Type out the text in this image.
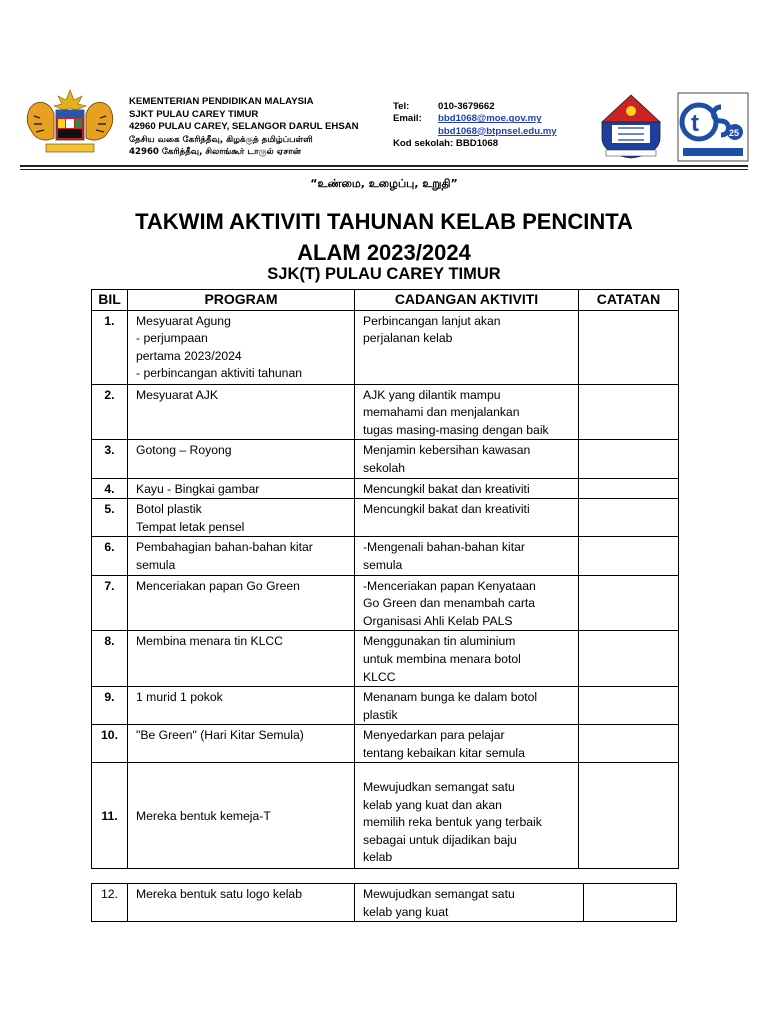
KEMENTERIAN PENDIDIKAN MALAYSIA
SJKT PULAU CAREY TIMUR
42960 PULAU CAREY, SELANGOR DARUL EHSAN
தேசிய வகை கேரித்தீவு, கிழக்குத் தமிழ்ப்பள்ளி
42960 கேரித்தீவு, சிலாங்கூர் டாருல் ஏசான்
Tel:	010-3679662
Email:	bbd1068@moe.gov.my
bbd1068@btpnsel.edu.my
Kod sekolah: BBD1068
t	25
“உண்மை, உழைப்பு, உறுதி”
TAKWIM AKTIVITI TAHUNAN KELAB PENCINTA ALAM 2023/2024
SJK(T) PULAU CAREY TIMUR
BIL	PROGRAM	CADANGAN AKTIVITI	CATATAN
1.	Mesyuarat Agung
- perjumpaan
pertama 2023/2024
- perbincangan aktiviti tahunan	Perbincangan lanjut akan
perjalanan kelab	
2.	Mesyuarat AJK	AJK yang dilantik mampu
memahami dan menjalankan
tugas masing-masing dengan baik	
3.	Gotong – Royong	Menjamin kebersihan kawasan
sekolah	
4.	Kayu - Bingkai gambar	Mencungkil bakat dan kreativiti	
5.	Botol plastik
Tempat letak pensel	Mencungkil bakat dan kreativiti	
6.	Pembahagian bahan-bahan kitar
semula	-Mengenali bahan-bahan kitar
semula	
7.	Menceriakan papan Go Green	-Menceriakan papan Kenyataan
Go Green dan menambah carta
Organisasi Ahli Kelab PALS	
8.	Membina menara tin KLCC	Menggunakan tin aluminium
untuk membina menara botol
KLCC	
9.	1 murid 1 pokok	Menanam bunga ke dalam botol
plastik	
10.	"Be Green" (Hari Kitar Semula)	Menyedarkan para pelajar
tentang kebaikan kitar semula	
11.	Mereka bentuk kemeja-T	Mewujudkan semangat satu
kelab yang kuat dan akan
memilih reka bentuk yang terbaik
sebagai untuk dijadikan baju
kelab	
12.	Mereka bentuk satu logo kelab	Mewujudkan semangat satu
kelab yang kuat	
